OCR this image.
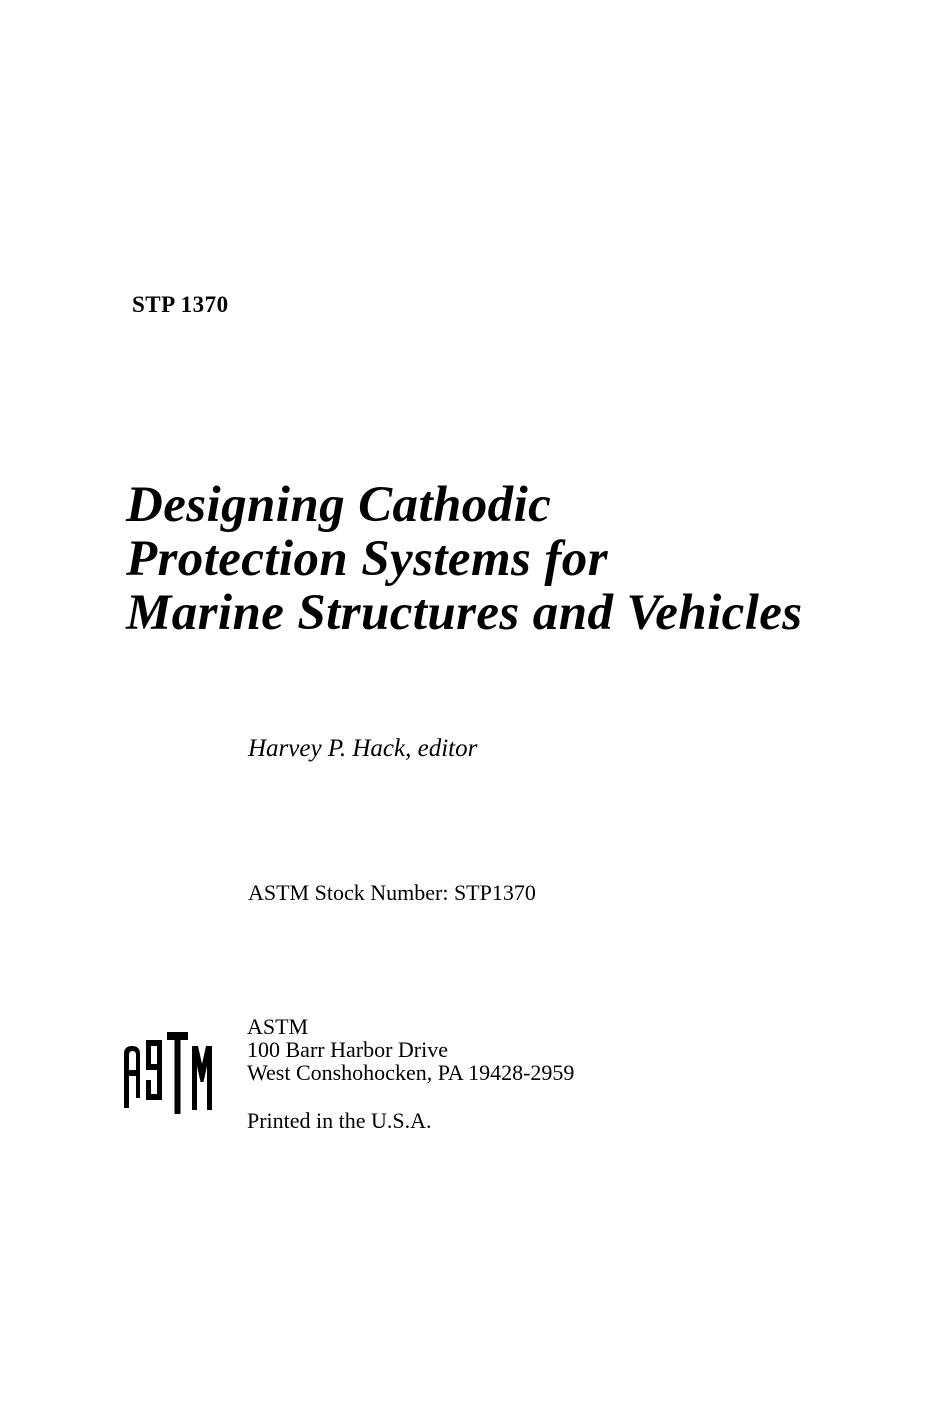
STP 1370

Designing Cathodic
Protection Systems for
Marine Structures and Vehicles

Harvey P. Hack, editor

ASTM Stock Number: STP1370

ASTM
100 Barr Harbor Drive
West Conshohocken, PA 19428-2959

Printed in the U.S.A.
